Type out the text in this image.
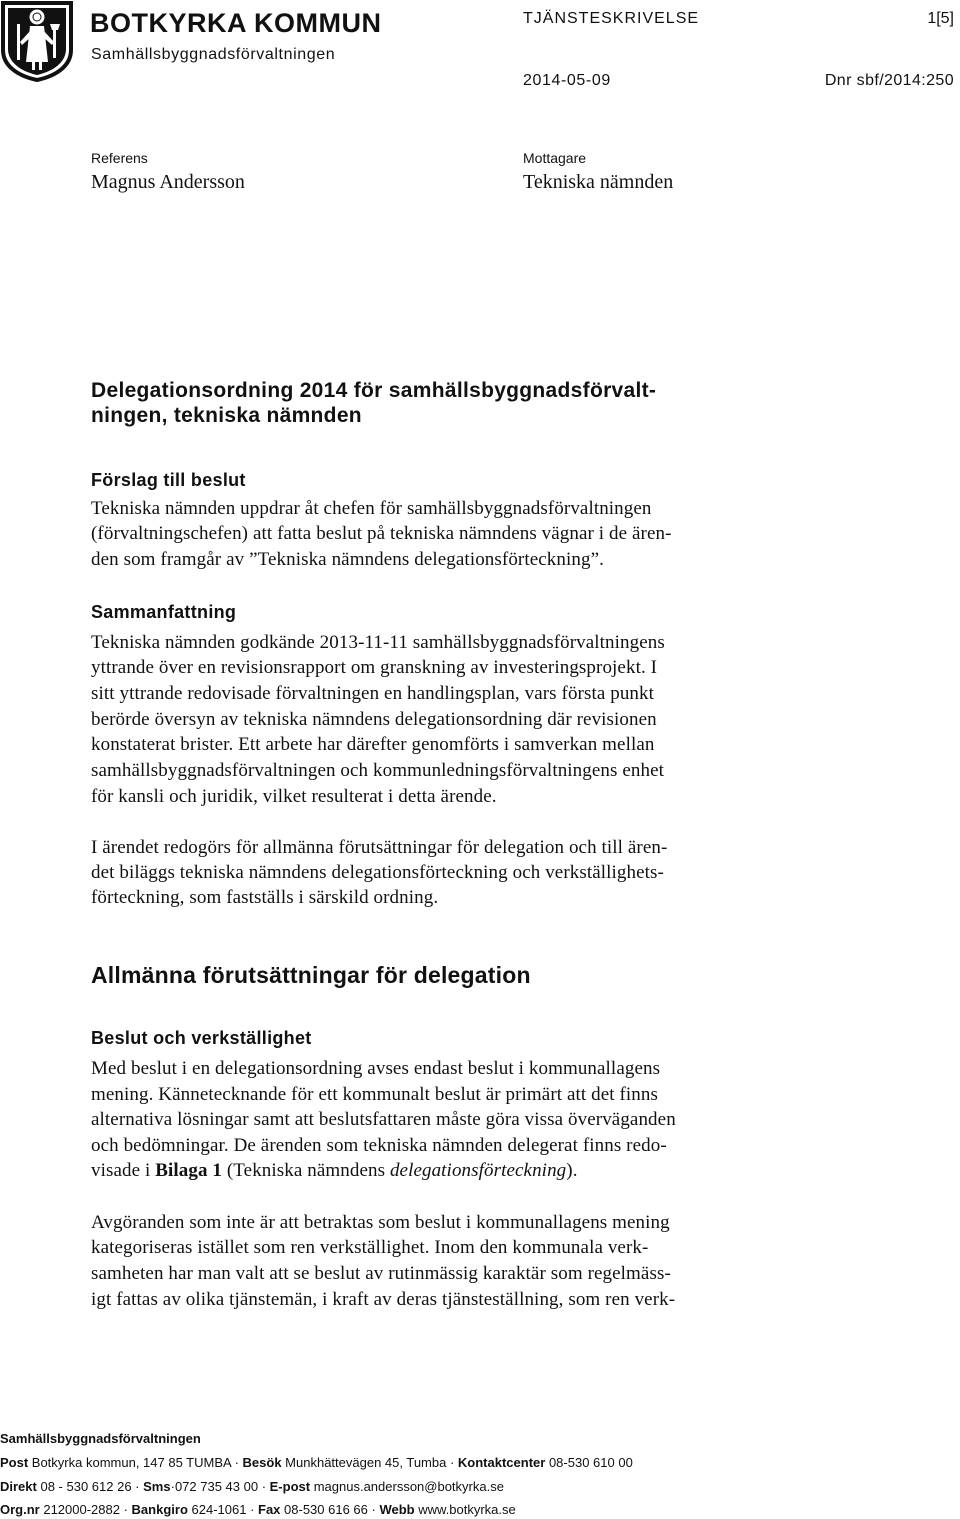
BOTKYRKA KOMMUN
Samhällsbyggnadsförvaltningen
TJÄNSTESKRIVELSE	1[5]
2014-05-09	Dnr sbf/2014:250
Referens
Magnus Andersson
Mottagare
Tekniska nämnden
Delegationsordning 2014 för samhällsbyggnadsförvalt-
ningen, tekniska nämnden
Förslag till beslut
Tekniska nämnden uppdrar åt chefen för samhällsbyggnadsförvaltningen
(förvaltningschefen) att fatta beslut på tekniska nämndens vägnar i de ären-
den som framgår av ”Tekniska nämndens delegationsförteckning”.
Sammanfattning
Tekniska nämnden godkände 2013-11-11 samhällsbyggnadsförvaltningens
yttrande över en revisionsrapport om granskning av investeringsprojekt. I
sitt yttrande redovisade förvaltningen en handlingsplan, vars första punkt
berörde översyn av tekniska nämndens delegationsordning där revisionen
konstaterat brister. Ett arbete har därefter genomförts i samverkan mellan
samhällsbyggnadsförvaltningen och kommunledningsförvaltningens enhet
för kansli och juridik, vilket resulterat i detta ärende.
I ärendet redogörs för allmänna förutsättningar för delegation och till ären-
det biläggs tekniska nämndens delegationsförteckning och verkställighets-
förteckning, som fastställs i särskild ordning.
Allmänna förutsättningar för delegation
Beslut och verkställighet
Med beslut i en delegationsordning avses endast beslut i kommunallagens
mening. Kännetecknande för ett kommunalt beslut är primärt att det finns
alternativa lösningar samt att beslutsfattaren måste göra vissa överväganden
och bedömningar. De ärenden som tekniska nämnden delegerat finns redo-
visade i Bilaga 1 (Tekniska nämndens delegationsförteckning).
Avgöranden som inte är att betraktas som beslut i kommunallagens mening
kategoriseras istället som ren verkställighet. Inom den kommunala verk-
samheten har man valt att se beslut av rutinmässig karaktär som regelmäss-
igt fattas av olika tjänstemän, i kraft av deras tjänsteställning, som ren verk-
Samhällsbyggnadsförvaltningen
Post Botkyrka kommun, 147 85 TUMBA · Besök Munkhättevägen 45, Tumba · Kontaktcenter 08-530 610 00
Direkt 08 - 530 612 26 · Sms·072 735 43 00 · E-post magnus.andersson@botkyrka.se
Org.nr 212000-2882 · Bankgiro 624-1061 · Fax 08-530 616 66 · Webb www.botkyrka.se
